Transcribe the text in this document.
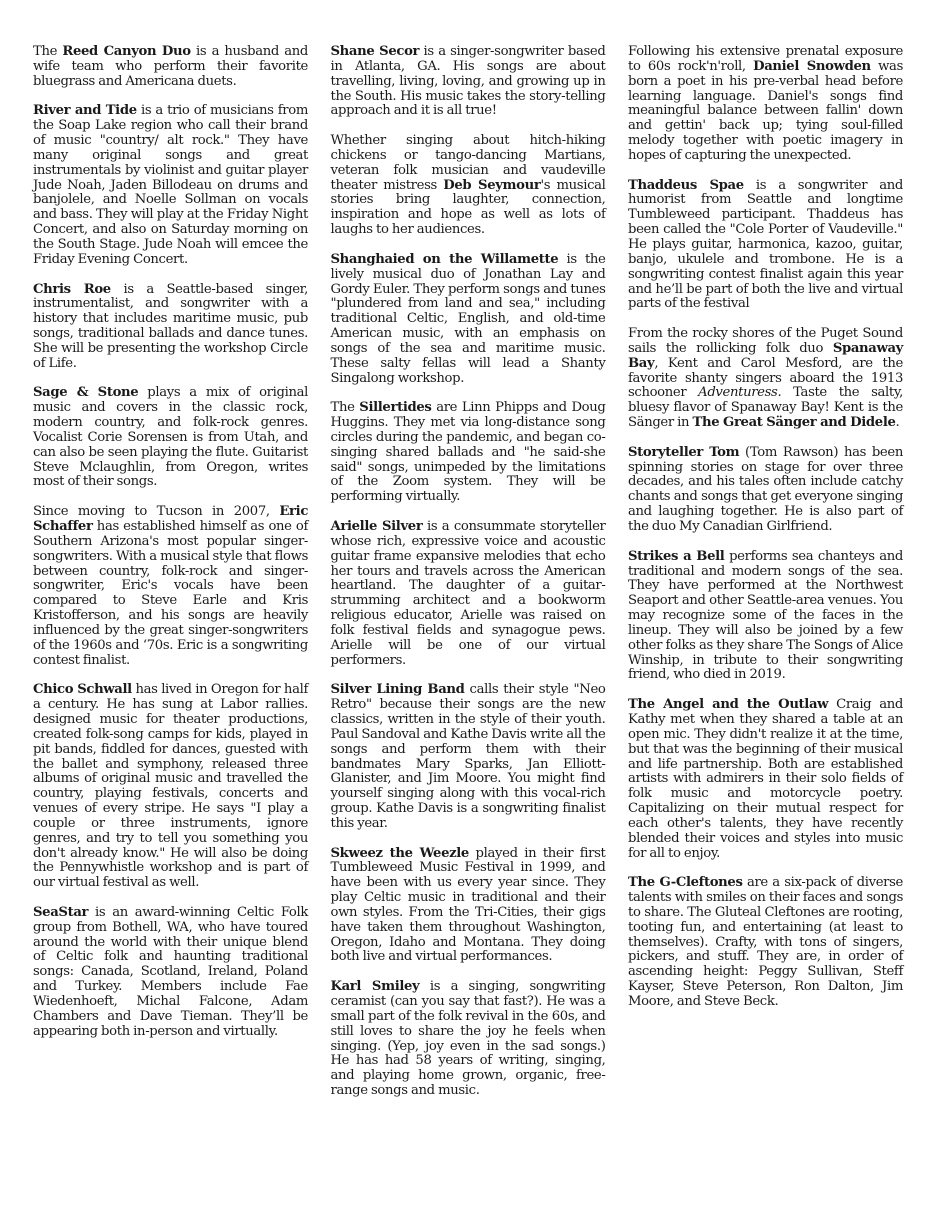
The Reed Canyon Duo is a husband and wife team who perform their favorite bluegrass and Americana duets.

River and Tide is a trio of musicians from the Soap Lake region who call their brand of music "country/ alt rock." They have many original songs and great instrumentals by violinist and guitar player Jude Noah, Jaden Billodeau on drums and banjolele, and Noelle Sollman on vocals and bass. They will play at the Friday Night Concert, and also on Saturday morning on the South Stage. Jude Noah will emcee the Friday Evening Concert.

Chris Roe is a Seattle-based singer, instrumentalist, and songwriter with a history that includes maritime music, pub songs, traditional ballads and dance tunes. She will be presenting the workshop Circle of Life.

Sage & Stone plays a mix of original music and covers in the classic rock, modern country, and folk-rock genres. Vocalist Corie Sorensen is from Utah, and can also be seen playing the flute. Guitarist Steve Mclaughlin, from Oregon, writes most of their songs.

Since moving to Tucson in 2007, Eric Schaffer has established himself as one of Southern Arizona's most popular singer-songwriters. With a musical style that flows between country, folk-rock and singer-songwriter, Eric's vocals have been compared to Steve Earle and Kris Kristofferson, and his songs are heavily influenced by the great singer-songwriters of the 1960s and ‘70s. Eric is a songwriting contest finalist.

Chico Schwall has lived in Oregon for half a century. He has sung at Labor rallies. designed music for theater productions, created folk-song camps for kids, played in pit bands, fiddled for dances, guested with the ballet and symphony, released three albums of original music and travelled the country, playing festivals, concerts and venues of every stripe. He says "I play a couple or three instruments, ignore genres, and try to tell you something you don't already know." He will also be doing the Pennywhistle workshop and is part of our virtual festival as well.

SeaStar is an award-winning Celtic Folk group from Bothell, WA, who have toured around the world with their unique blend of Celtic folk and haunting traditional songs: Canada, Scotland, Ireland, Poland and Turkey. Members include Fae Wiedenhoeft, Michal Falcone, Adam Chambers and Dave Tieman. They’ll be appearing both in-person and virtually.

Shane Secor is a singer-songwriter based in Atlanta, GA. His songs are about travelling, living, loving, and growing up in the South. His music takes the story-telling approach and it is all true!

Whether singing about hitch-hiking chickens or tango-dancing Martians, veteran folk musician and vaudeville theater mistress Deb Seymour's musical stories bring laughter, connection, inspiration and hope as well as lots of laughs to her audiences.

Shanghaied on the Willamette is the lively musical duo of Jonathan Lay and Gordy Euler. They perform songs and tunes "plundered from land and sea," including traditional Celtic, English, and old-time American music, with an emphasis on songs of the sea and maritime music. These salty fellas will lead a Shanty Singalong workshop.

The Sillertides are Linn Phipps and Doug Huggins. They met via long-distance song circles during the pandemic, and began co-singing shared ballads and "he said-she said" songs, unimpeded by the limitations of the Zoom system. They will be performing virtually.

Arielle Silver is a consummate storyteller whose rich, expressive voice and acoustic guitar frame expansive melodies that echo her tours and travels across the American heartland. The daughter of a guitar-strumming architect and a bookworm religious educator, Arielle was raised on folk festival fields and synagogue pews. Arielle will be one of our virtual performers.

Silver Lining Band calls their style "Neo Retro" because their songs are the new classics, written in the style of their youth. Paul Sandoval and Kathe Davis write all the songs and perform them with their bandmates Mary Sparks, Jan Elliott-Glanister, and Jim Moore. You might find yourself singing along with this vocal-rich group. Kathe Davis is a songwriting finalist this year.

Skweez the Weezle played in their first Tumbleweed Music Festival in 1999, and have been with us every year since. They play Celtic music in traditional and their own styles. From the Tri-Cities, their gigs have taken them throughout Washington, Oregon, Idaho and Montana. They doing both live and virtual performances.

Karl Smiley is a singing, songwriting ceramist (can you say that fast?). He was a small part of the folk revival in the 60s, and still loves to share the joy he feels when singing. (Yep, joy even in the sad songs.) He has had 58 years of writing, singing, and playing home grown, organic, free-range songs and music.

Following his extensive prenatal exposure to 60s rock'n'roll, Daniel Snowden was born a poet in his pre-verbal head before learning language. Daniel's songs find meaningful balance between fallin' down and gettin' back up; tying soul-filled melody together with poetic imagery in hopes of capturing the unexpected.

Thaddeus Spae is a songwriter and humorist from Seattle and longtime Tumbleweed participant. Thaddeus has been called the "Cole Porter of Vaudeville." He plays guitar, harmonica, kazoo, guitar, banjo, ukulele and trombone. He is a songwriting contest finalist again this year and he’ll be part of both the live and virtual parts of the festival

From the rocky shores of the Puget Sound sails the rollicking folk duo Spanaway Bay, Kent and Carol Mesford, are the favorite shanty singers aboard the 1913 schooner Adventuress. Taste the salty, bluesy flavor of Spanaway Bay! Kent is the Sänger in The Great Sänger and Didele.

Storyteller Tom (Tom Rawson) has been spinning stories on stage for over three decades, and his tales often include catchy chants and songs that get everyone singing and laughing together. He is also part of the duo My Canadian Girlfriend.

Strikes a Bell performs sea chanteys and traditional and modern songs of the sea. They have performed at the Northwest Seaport and other Seattle-area venues. You may recognize some of the faces in the lineup. They will also be joined by a few other folks as they share The Songs of Alice Winship, in tribute to their songwriting friend, who died in 2019.

The Angel and the Outlaw Craig and Kathy met when they shared a table at an open mic. They didn't realize it at the time, but that was the beginning of their musical and life partnership. Both are established artists with admirers in their solo fields of folk music and motorcycle poetry. Capitalizing on their mutual respect for each other's talents, they have recently blended their voices and styles into music for all to enjoy.

The G-Cleftones are a six-pack of diverse talents with smiles on their faces and songs to share. The Gluteal Cleftones are rooting, tooting fun, and entertaining (at least to themselves). Crafty, with tons of singers, pickers, and stuff. They are, in order of ascending height: Peggy Sullivan, Steff Kayser, Steve Peterson, Ron Dalton, Jim Moore, and Steve Beck.
